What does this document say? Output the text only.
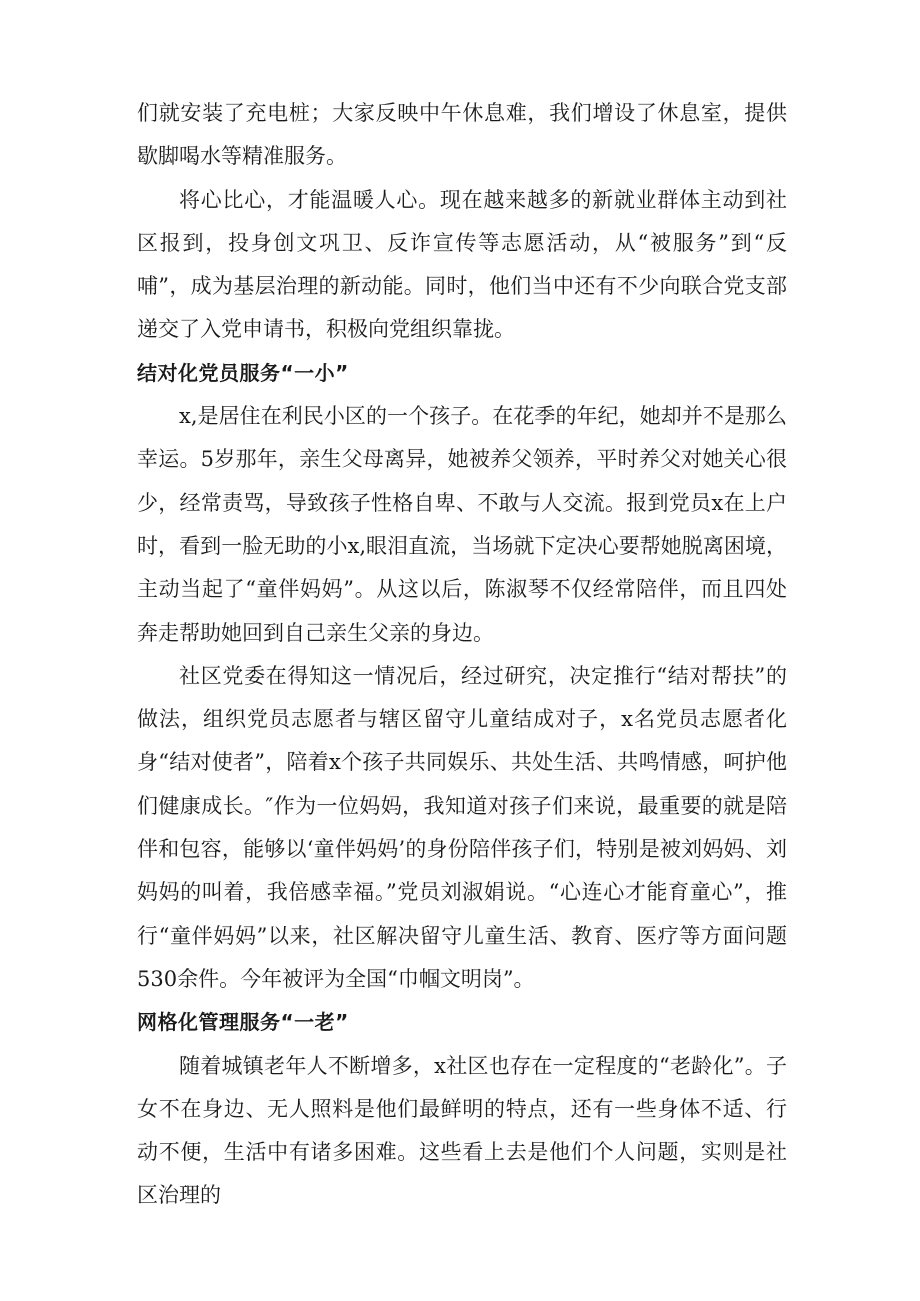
们就安装了充电桩；大家反映中午休息难，我们增设了休息室，提供歇脚喝水等精准服务。

将心比心，才能温暖人心。现在越来越多的新就业群体主动到社区报到，投身创文巩卫、反诈宣传等志愿活动，从“被服务”到“反哺”，成为基层治理的新动能。同时，他们当中还有不少向联合党支部递交了入党申请书，积极向党组织靠拢。

结对化党员服务“一小”

x,是居住在利民小区的一个孩子。在花季的年纪，她却并不是那么幸运。5岁那年，亲生父母离异，她被养父领养，平时养父对她关心很少，经常责骂，导致孩子性格自卑、不敢与人交流。报到党员x在上户时，看到一脸无助的小x,眼泪直流，当场就下定决心要帮她脱离困境，主动当起了“童伴妈妈”。从这以后，陈淑琴不仅经常陪伴，而且四处奔走帮助她回到自己亲生父亲的身边。

社区党委在得知这一情况后，经过研究，决定推行“结对帮扶”的做法，组织党员志愿者与辖区留守儿童结成对子，x名党员志愿者化身“结对使者”，陪着x个孩子共同娱乐、共处生活、共鸣情感，呵护他们健康成长。″作为一位妈妈，我知道对孩子们来说，最重要的就是陪伴和包容，能够以‘童伴妈妈’的身份陪伴孩子们，特别是被刘妈妈、刘妈妈的叫着，我倍感幸福。”党员刘淑娟说。“心连心才能育童心”，推行“童伴妈妈”以来，社区解决留守儿童生活、教育、医疗等方面问题530余件。今年被评为全国“巾帼文明岗”。

网格化管理服务“一老”

随着城镇老年人不断增多，x社区也存在一定程度的“老龄化”。子女不在身边、无人照料是他们最鲜明的特点，还有一些身体不适、行动不便，生活中有诸多困难。这些看上去是他们个人问题，实则是社区治理的
